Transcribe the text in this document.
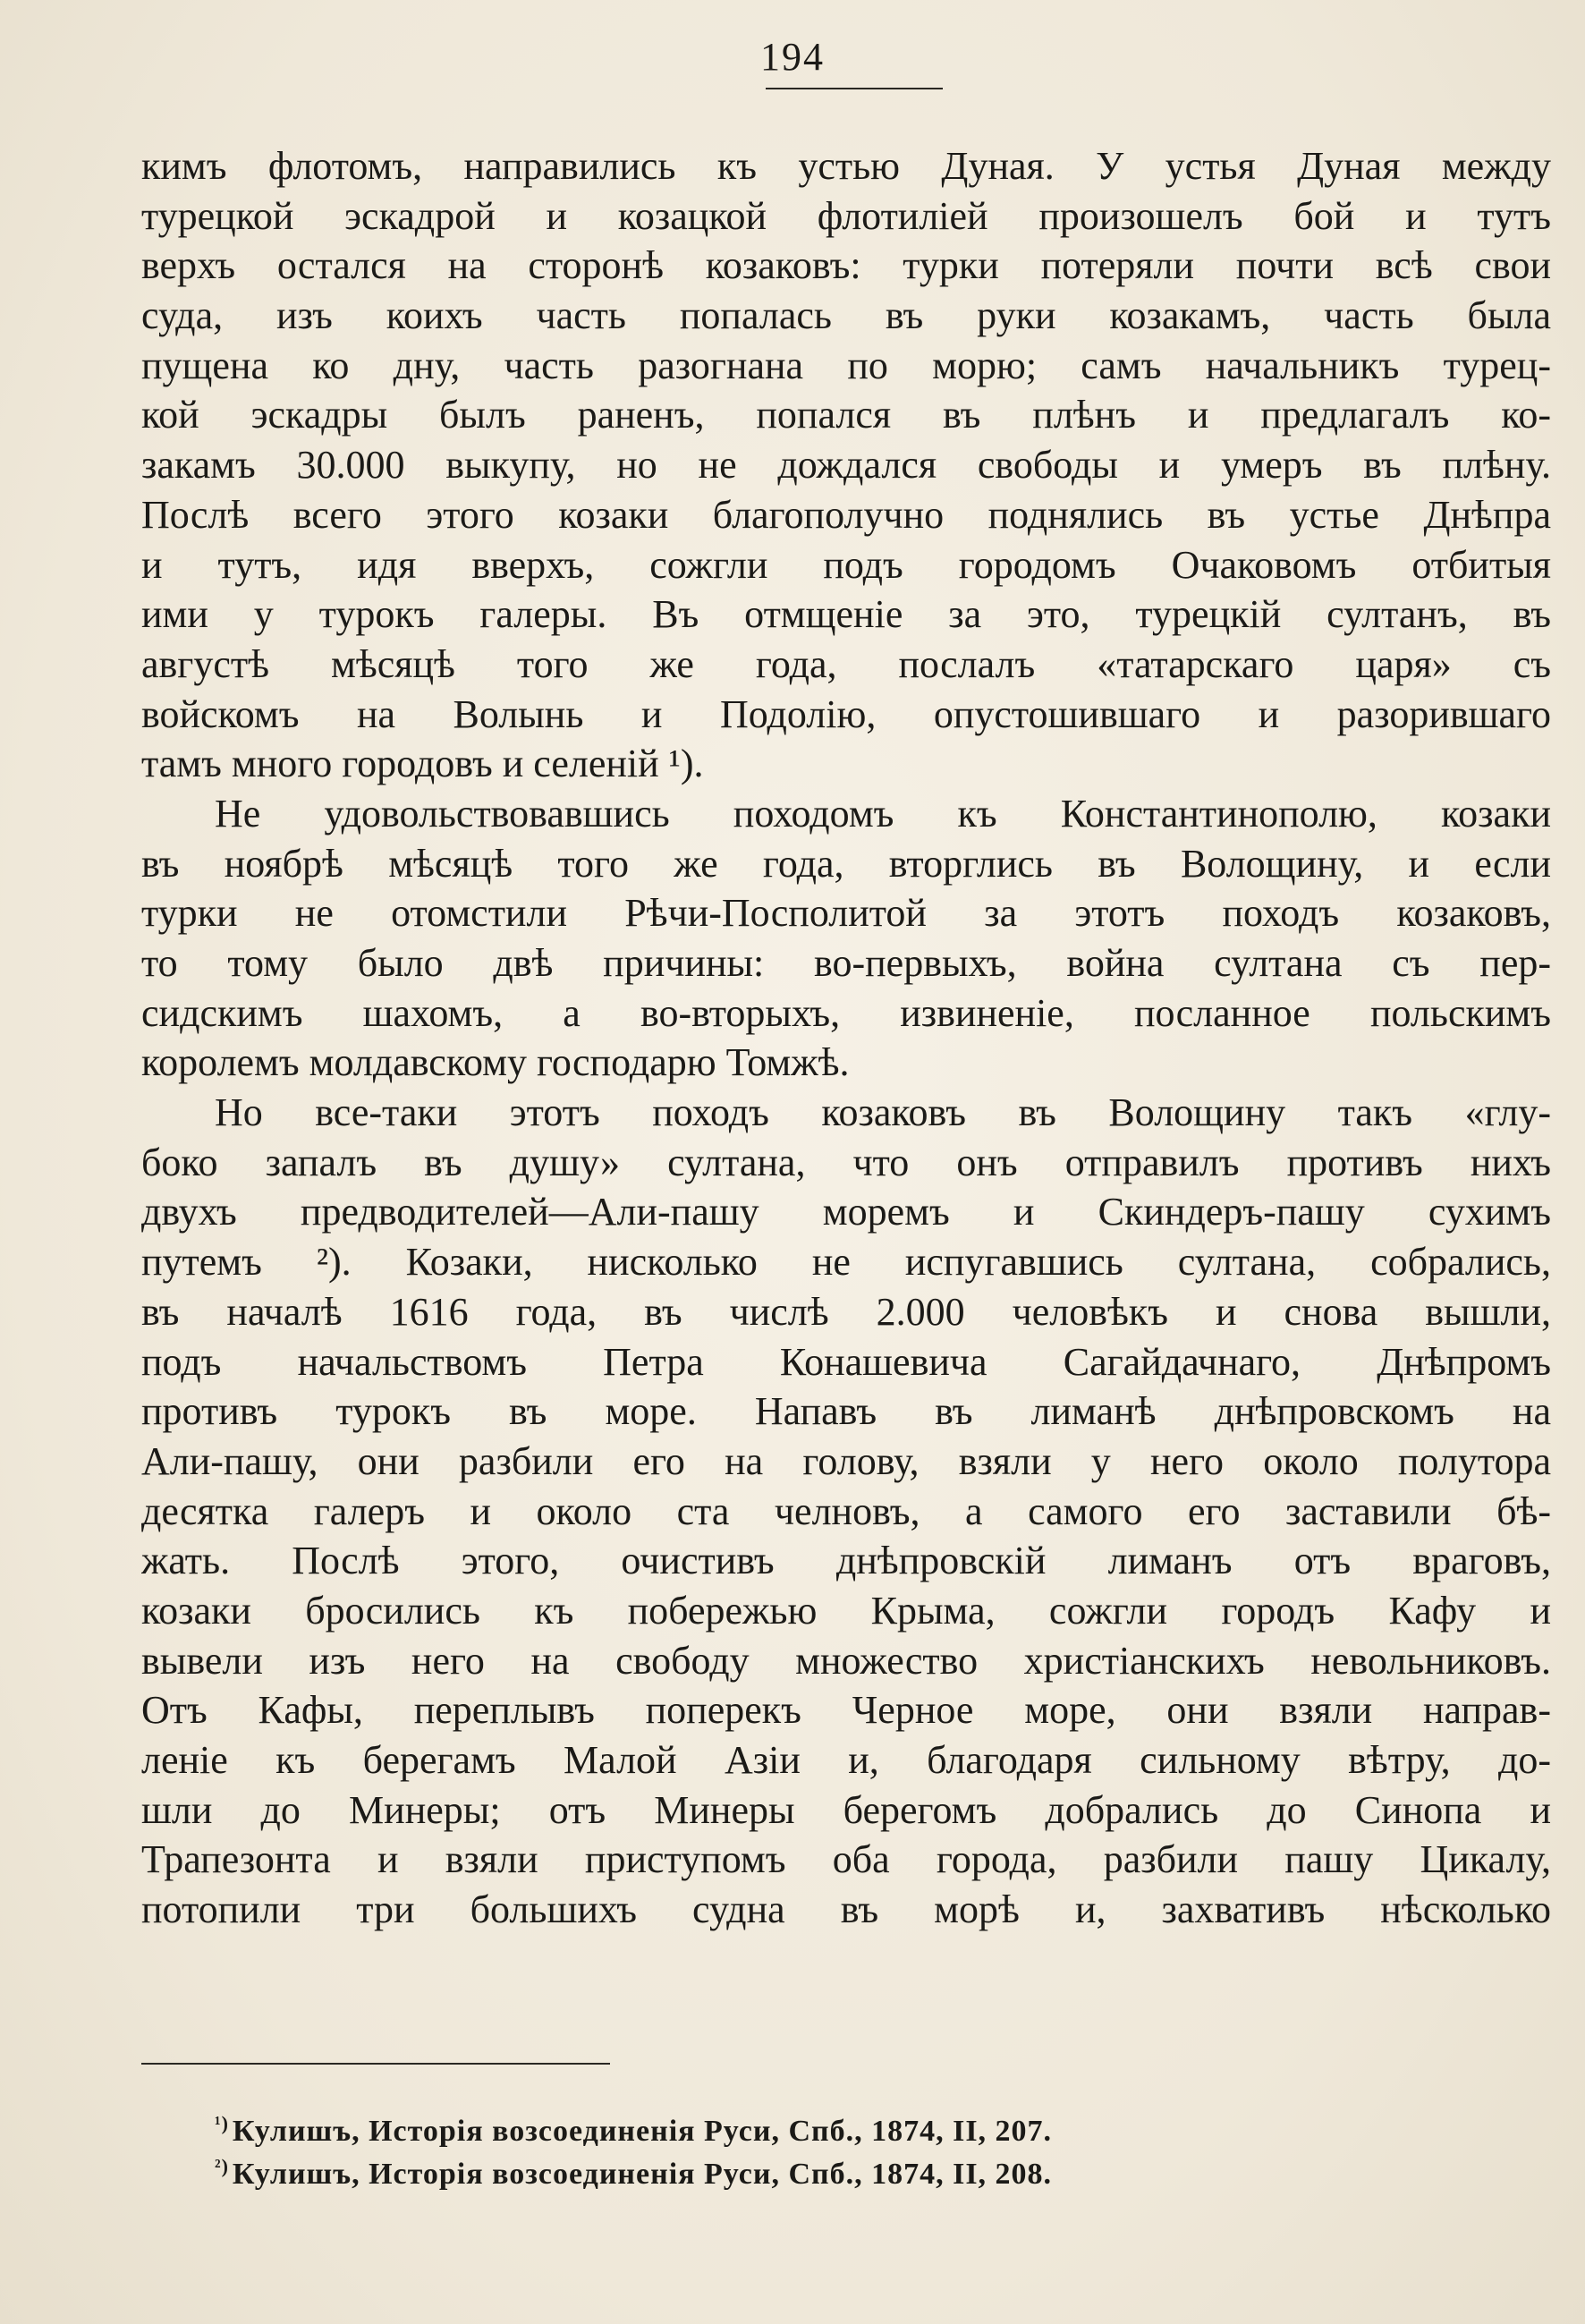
194
кимъ флотомъ, направились къ устью Дуная. У устья Дуная между
турецкой эскадрой и козацкой флотиліей произошелъ бой и тутъ
верхъ остался на сторонѣ козаковъ: турки потеряли почти всѣ свои
суда, изъ коихъ часть попалась въ руки козакамъ, часть была
пущена ко дну, часть разогнана по морю; самъ начальникъ турец-
кой эскадры былъ раненъ, попался въ плѣнъ и предлагалъ ко-
закамъ 30.000 выкупу, но не дождался свободы и умеръ въ плѣну.
Послѣ всего этого козаки благополучно поднялись въ устье Днѣпра
и тутъ, идя вверхъ, сожгли подъ городомъ Очаковомъ отбитыя
ими у турокъ галеры. Въ отмщеніе за это, турецкій султанъ, въ
августѣ мѣсяцѣ того же года, послалъ «татарскаго царя» съ
войскомъ на Волынь и Подолію, опустошившаго и разорившаго
тамъ много городовъ и селеній ¹).
Не удовольствовавшись походомъ къ Константинополю, козаки
въ ноябрѣ мѣсяцѣ того же года, вторглись въ Волощину, и если
турки не отомстили Рѣчи-Посполитой за этотъ походъ козаковъ,
то тому было двѣ причины: во-первыхъ, война султана съ пер-
сидскимъ шахомъ, а во-вторыхъ, извиненіе, посланное польскимъ
королемъ молдавскому господарю Томжѣ.
Но все-таки этотъ походъ козаковъ въ Волощину такъ «глу-
боко запалъ въ душу» султана, что онъ отправилъ противъ нихъ
двухъ предводителей—Али-пашу моремъ и Скиндеръ-пашу сухимъ
путемъ ²). Козаки, нисколько не испугавшись султана, собрались,
въ началѣ 1616 года, въ числѣ 2.000 человѣкъ и снова вышли,
подъ начальствомъ Петра Конашевича Сагайдачнаго, Днѣпромъ
противъ турокъ въ море. Напавъ въ лиманѣ днѣпровскомъ на
Али-пашу, они разбили его на голову, взяли у него около полутора
десятка галеръ и около ста челновъ, а самого его заставили бѣ-
жать. Послѣ этого, очистивъ днѣпровскій лиманъ отъ враговъ,
козаки бросились къ побережью Крыма, сожгли городъ Кафу и
вывели изъ него на свободу множество христіанскихъ невольниковъ.
Отъ Кафы, переплывъ поперекъ Черное море, они взяли направ-
леніе къ берегамъ Малой Азіи и, благодаря сильному вѣтру, до-
шли до Минеры; отъ Минеры берегомъ добрались до Синопа и
Трапезонта и взяли приступомъ оба города, разбили пашу Цикалу,
потопили три большихъ судна въ морѣ и, захвативъ нѣсколько
$^{^1)}$ Кулишъ, Исторія возсоединенія Руси, Спб., 1874, II, 207.
$^{^2)}$ Кулишъ, Исторія возсоединенія Руси, Спб., 1874, II, 208.
